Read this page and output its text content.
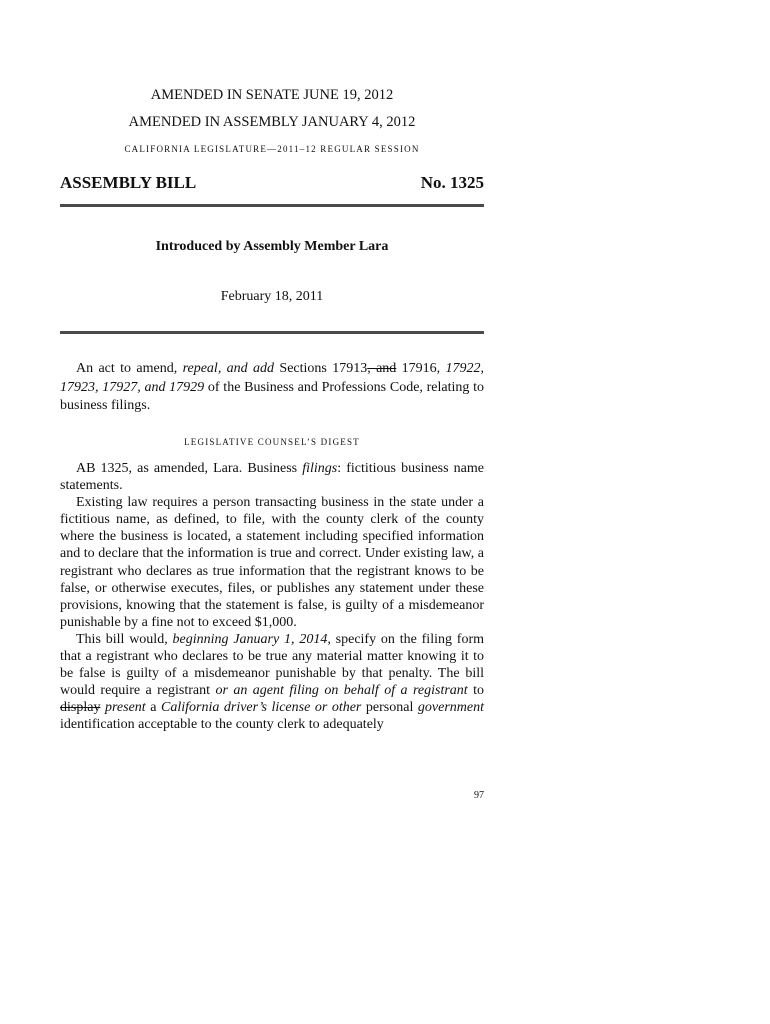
AMENDED IN SENATE JUNE 19, 2012
AMENDED IN ASSEMBLY JANUARY 4, 2012
CALIFORNIA LEGISLATURE—2011–12 REGULAR SESSION
ASSEMBLY BILL	No. 1325
Introduced by Assembly Member Lara
February 18, 2011
An act to amend, repeal, and add Sections 17913, and 17916, 17922, 17923, 17927, and 17929 of the Business and Professions Code, relating to business filings.
LEGISLATIVE COUNSEL’S DIGEST

AB 1325, as amended, Lara. Business filings: fictitious business name statements.

Existing law requires a person transacting business in the state under a fictitious name, as defined, to file, with the county clerk of the county where the business is located, a statement including specified information and to declare that the information is true and correct. Under existing law, a registrant who declares as true information that the registrant knows to be false, or otherwise executes, files, or publishes any statement under these provisions, knowing that the statement is false, is guilty of a misdemeanor punishable by a fine not to exceed $1,000.

This bill would, beginning January 1, 2014, specify on the filing form that a registrant who declares to be true any material matter knowing it to be false is guilty of a misdemeanor punishable by that penalty. The bill would require a registrant or an agent filing on behalf of a registrant to display present a California driver’s license or other personal government identification acceptable to the county clerk to adequately

97
